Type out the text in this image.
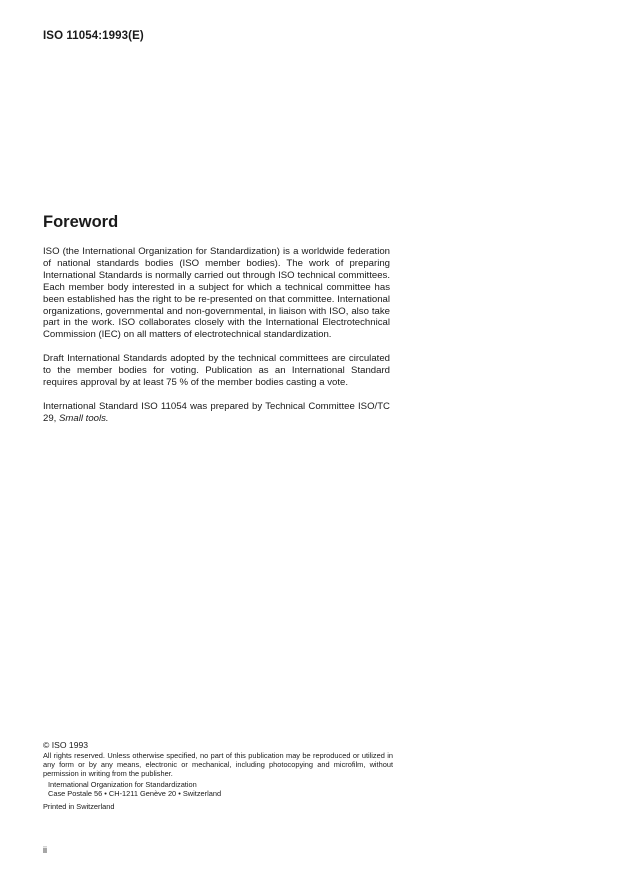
ISO 11054:1993(E)
Foreword

ISO (the International Organization for Standardization) is a worldwide federation of national standards bodies (ISO member bodies). The work of preparing International Standards is normally carried out through ISO technical committees. Each member body interested in a subject for which a technical committee has been established has the right to be re-presented on that committee. International organizations, governmental and non-governmental, in liaison with ISO, also take part in the work. ISO collaborates closely with the International Electrotechnical Commission (IEC) on all matters of electrotechnical standardization.

Draft International Standards adopted by the technical committees are circulated to the member bodies for voting. Publication as an International Standard requires approval by at least 75 % of the member bodies casting a vote.

International Standard ISO 11054 was prepared by Technical Committee ISO/TC 29, Small tools.

© ISO 1993
All rights reserved. Unless otherwise specified, no part of this publication may be reproduced or utilized in any form or by any means, electronic or mechanical, including photocopying and microfilm, without permission in writing from the publisher.
International Organization for Standardization
Case Postale 56 • CH-1211 Genève 20 • Switzerland
Printed in Switzerland
ii
